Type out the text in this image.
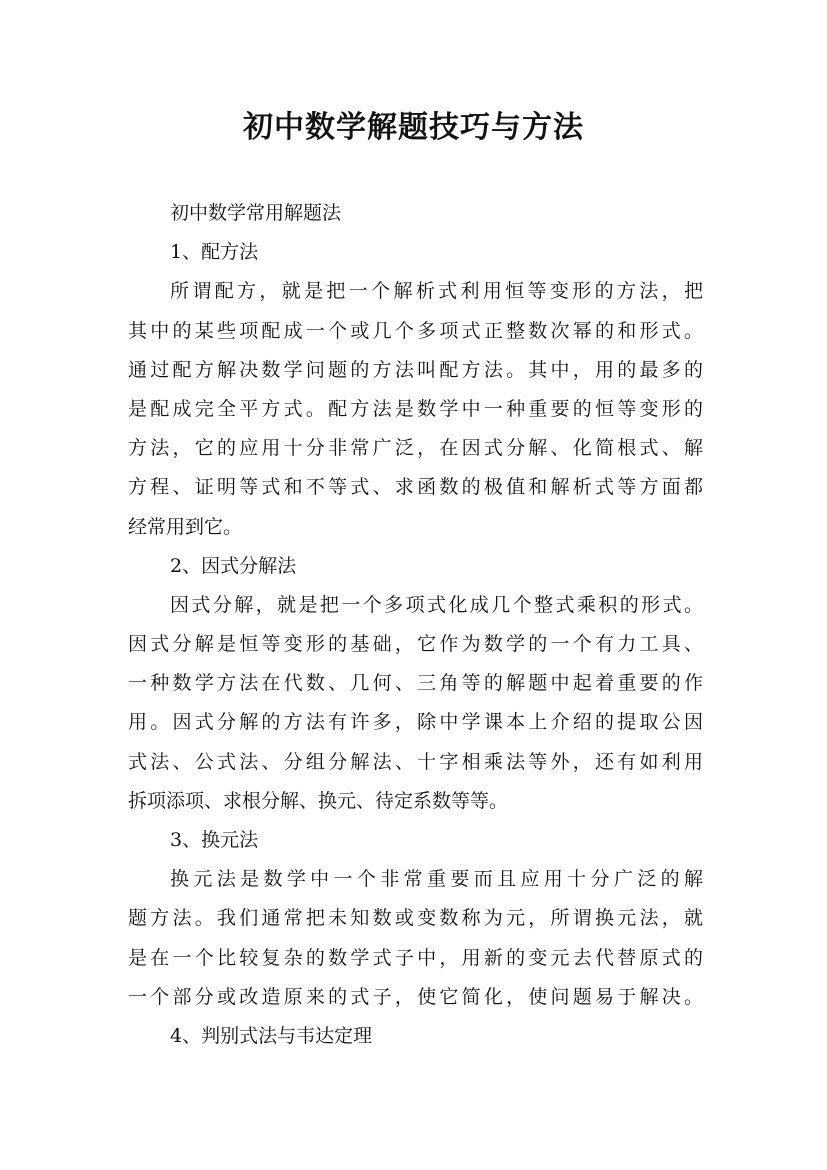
初中数学解题技巧与方法
初中数学常用解题法
1、配方法
所谓配方，就是把一个解析式利用恒等变形的方法，把
其中的某些项配成一个或几个多项式正整数次幂的和形式。
通过配方解决数学问题的方法叫配方法。其中，用的最多的
是配成完全平方式。配方法是数学中一种重要的恒等变形的
方法，它的应用十分非常广泛，在因式分解、化简根式、解
方程、证明等式和不等式、求函数的极值和解析式等方面都
经常用到它。
2、因式分解法
因式分解，就是把一个多项式化成几个整式乘积的形式。
因式分解是恒等变形的基础，它作为数学的一个有力工具、
一种数学方法在代数、几何、三角等的解题中起着重要的作
用。因式分解的方法有许多，除中学课本上介绍的提取公因
式法、公式法、分组分解法、十字相乘法等外，还有如利用
拆项添项、求根分解、换元、待定系数等等。
3、换元法
换元法是数学中一个非常重要而且应用十分广泛的解
题方法。我们通常把未知数或变数称为元，所谓换元法，就
是在一个比较复杂的数学式子中，用新的变元去代替原式的
一个部分或改造原来的式子，使它简化，使问题易于解决。
4、判别式法与韦达定理
